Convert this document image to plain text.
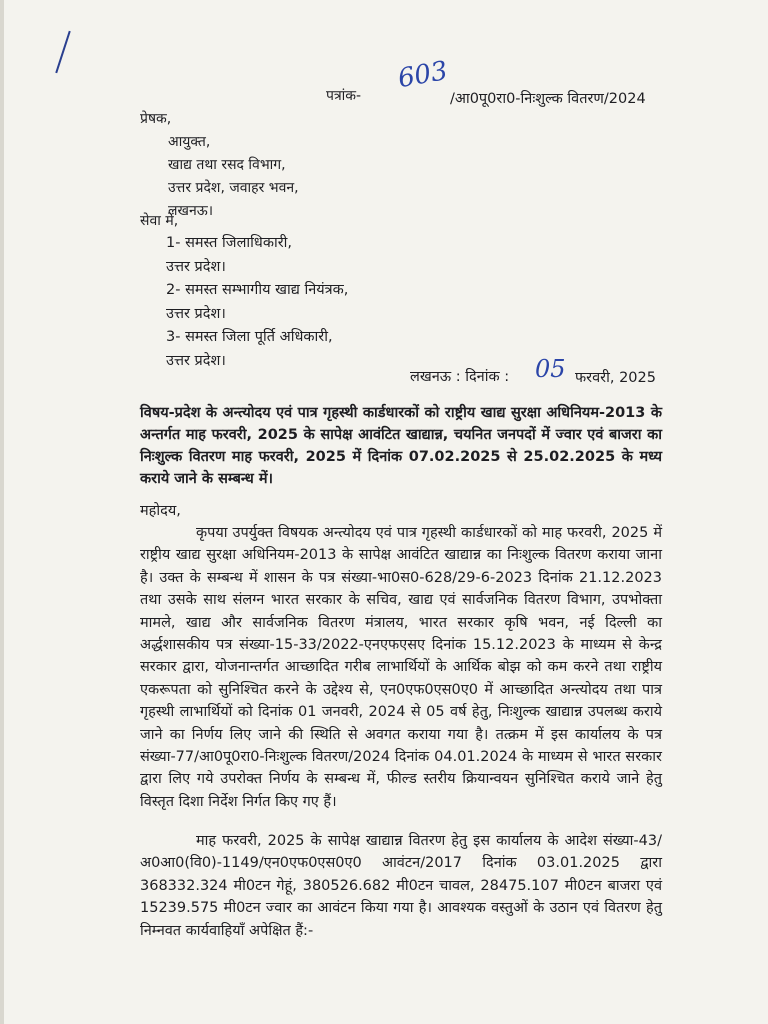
पत्रांक-
603
/आ0पू0रा0-निःशुल्क वितरण/2024
प्रेषक,
आयुक्त,
खाद्य तथा रसद विभाग,
उत्तर प्रदेश, जवाहर भवन,
लखनऊ।
सेवा में,
1- समस्त जिलाधिकारी,
उत्तर प्रदेश।
2- समस्त सम्भागीय खाद्य नियंत्रक,
उत्तर प्रदेश।
3- समस्त जिला पूर्ति अधिकारी,
उत्तर प्रदेश।
लखनऊ : दिनांक : 05 फरवरी, 2025
विषय-प्रदेश के अन्त्योदय एवं पात्र गृहस्थी कार्डधारकों को राष्ट्रीय खाद्य सुरक्षा अधिनियम-2013 के अन्तर्गत माह फरवरी, 2025 के सापेक्ष आवंटित खाद्यान्न, चयनित जनपदों में ज्वार एवं बाजरा का निःशुल्क वितरण माह फरवरी, 2025 में दिनांक 07.02.2025 से 25.02.2025 के मध्य कराये जाने के सम्बन्ध में।
महोदय,
कृपया उपर्युक्त विषयक अन्त्योदय एवं पात्र गृहस्थी कार्डधारकों को माह फरवरी, 2025 में राष्ट्रीय खाद्य सुरक्षा अधिनियम-2013 के सापेक्ष आवंटित खाद्यान्न का निःशुल्क वितरण कराया जाना है। उक्त के सम्बन्ध में शासन के पत्र संख्या-भा0स0-628/29-6-2023 दिनांक 21.12.2023 तथा उसके साथ संलग्न भारत सरकार के सचिव, खाद्य एवं सार्वजनिक वितरण विभाग, उपभोक्ता मामले, खाद्य और सार्वजनिक वितरण मंत्रालय, भारत सरकार कृषि भवन, नई दिल्ली का अर्द्धशासकीय पत्र संख्या-15-33/2022-एनएफएसए दिनांक 15.12.2023 के माध्यम से केन्द्र सरकार द्वारा, योजनान्तर्गत आच्छादित गरीब लाभार्थियों के आर्थिक बोझ को कम करने तथा राष्ट्रीय एकरूपता को सुनिश्चित करने के उद्देश्य से, एन0एफ0एस0ए0 में आच्छादित अन्त्योदय तथा पात्र गृहस्थी लाभार्थियों को दिनांक 01 जनवरी, 2024 से 05 वर्ष हेतु, निःशुल्क खाद्यान्न उपलब्ध कराये जाने का निर्णय लिए जाने की स्थिति से अवगत कराया गया है। तत्क्रम में इस कार्यालय के पत्र संख्या-77/आ0पू0रा0-निःशुल्क वितरण/2024 दिनांक 04.01.2024 के माध्यम से भारत सरकार द्वारा लिए गये उपरोक्त निर्णय के सम्बन्ध में, फील्ड स्तरीय क्रियान्वयन सुनिश्चित कराये जाने हेतु विस्तृत दिशा निर्देश निर्गत किए गए हैं।
माह फरवरी, 2025 के सापेक्ष खाद्यान्न वितरण हेतु इस कार्यालय के आदेश संख्या-43/अ0आ0(वि0)-1149/एन0एफ0एस0ए0 आवंटन/2017 दिनांक 03.01.2025 द्वारा 368332.324 मी0टन गेहूं, 380526.682 मी0टन चावल, 28475.107 मी0टन बाजरा एवं 15239.575 मी0टन ज्वार का आवंटन किया गया है। आवश्यक वस्तुओं के उठान एवं वितरण हेतु निम्नवत कार्यवाहियाँ अपेक्षित हैं:-
